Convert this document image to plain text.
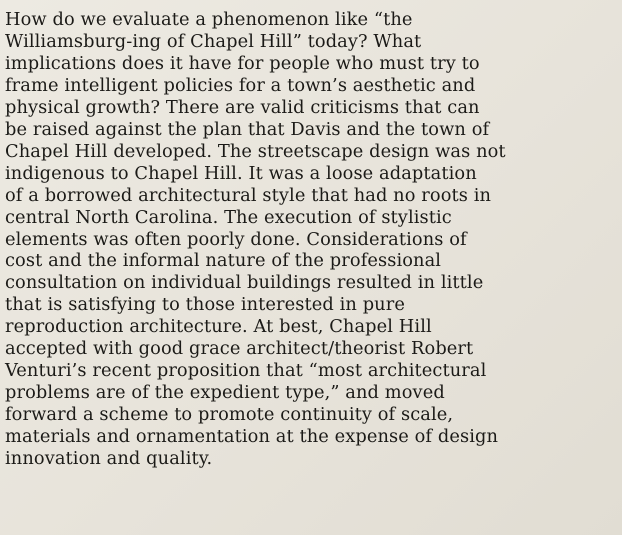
How do we evaluate a phenomenon like “the
Williamsburg-ing of Chapel Hill” today? What
implications does it have for people who must try to
frame intelligent policies for a town’s aesthetic and
physical growth? There are valid criticisms that can
be raised against the plan that Davis and the town of
Chapel Hill developed. The streetscape design was not
indigenous to Chapel Hill. It was a loose adaptation
of a borrowed architectural style that had no roots in
central North Carolina. The execution of stylistic
elements was often poorly done. Considerations of
cost and the informal nature of the professional
consultation on individual buildings resulted in little
that is satisfying to those interested in pure
reproduction architecture. At best, Chapel Hill
accepted with good grace architect/theorist Robert
Venturi’s recent proposition that “most architectural
problems are of the expedient type,” and moved
forward a scheme to promote continuity of scale,
materials and ornamentation at the expense of design
innovation and quality.
